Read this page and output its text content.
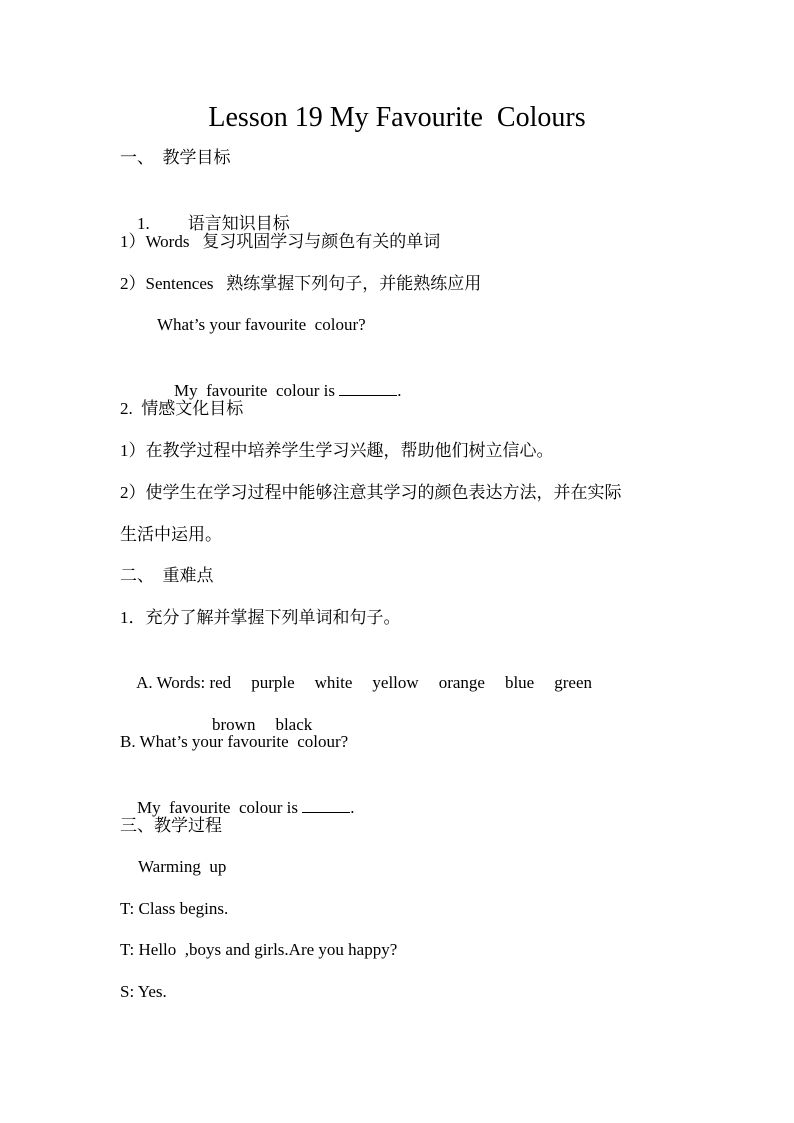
Lesson 19 My Favourite  Colours
一、  教学目标

1. 语言知识目标

1）Words   复习巩固学习与颜色有关的单词
2）Sentences   熟练掌握下列句子，并能熟练应用
What’s your favourite  colour?

My  favourite  colour is	.

2.  情感文化目标
1）在教学过程中培养学生学习兴趣，帮助他们树立信心。
2）使学生在学习过程中能够注意其学习的颜色表达方法，并在实际
生活中运用。
二、  重难点
1．充分了解并掌握下列单词和句子。

A. Words: red purple white yellow orange blue green

brown black

B. What’s your favourite  colour?

My  favourite  colour is	.

三、教学过程
Warming  up
T: Class begins.
T: Hello  ,boys and girls.Are you happy?
S: Yes.
